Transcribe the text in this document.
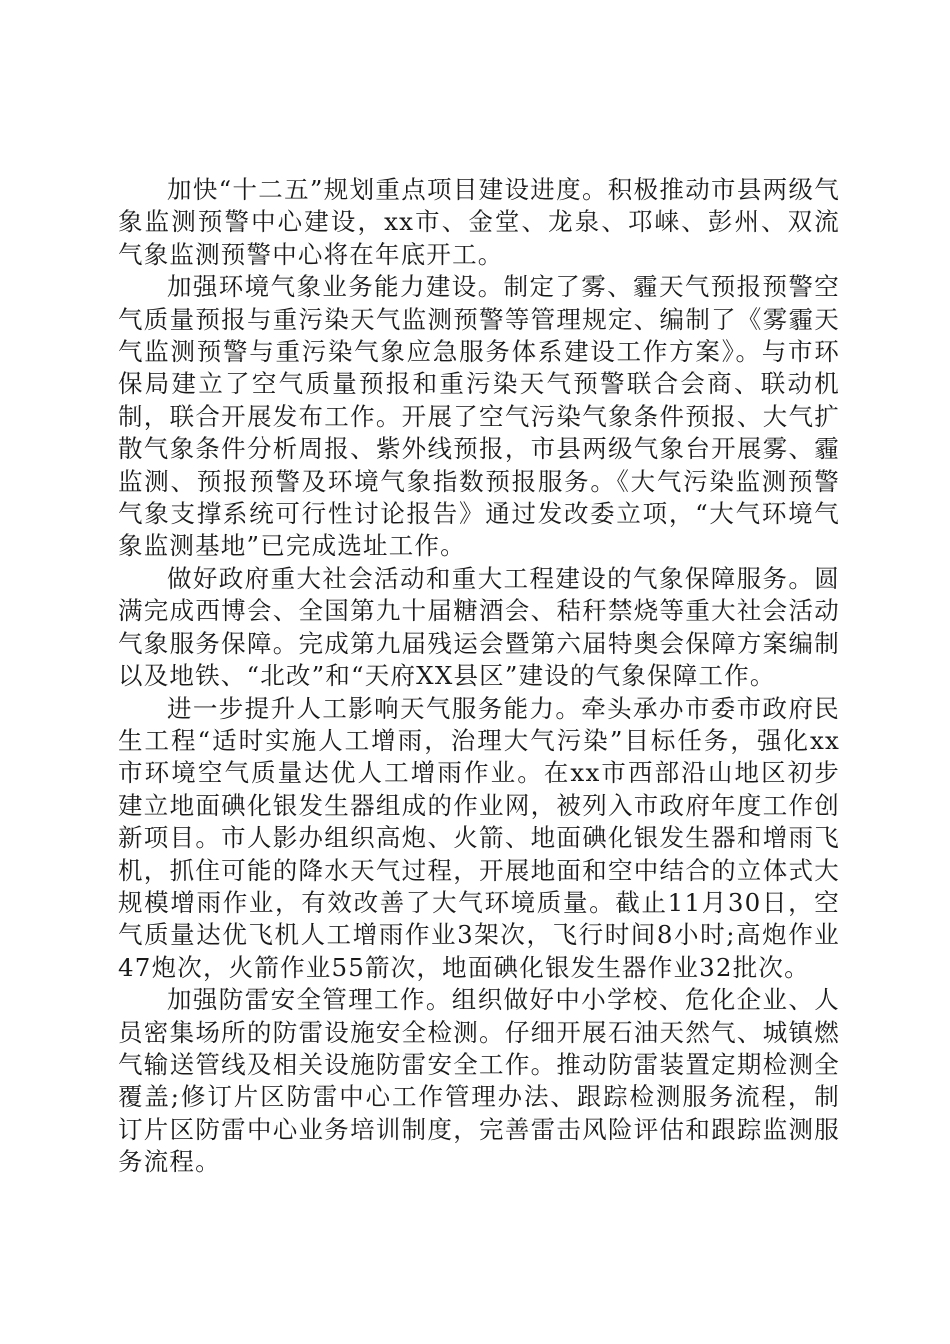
加快“十二五”规划重点项目建设进度。积极推动市县两级气象监测预警中心建设，xx市、金堂、龙泉、邛崃、彭州、双流气象监测预警中心将在年底开工。

加强环境气象业务能力建设。制定了雾、霾天气预报预警空气质量预报与重污染天气监测预警等管理规定、编制了《雾霾天气监测预警与重污染气象应急服务体系建设工作方案》。与市环保局建立了空气质量预报和重污染天气预警联合会商、联动机制，联合开展发布工作。开展了空气污染气象条件预报、大气扩散气象条件分析周报、紫外线预报，市县两级气象台开展雾、霾监测、预报预警及环境气象指数预报服务。《大气污染监测预警气象支撑系统可行性讨论报告》通过发改委立项，“大气环境气象监测基地”已完成选址工作。

做好政府重大社会活动和重大工程建设的气象保障服务。圆满完成西博会、全国第九十届糖酒会、秸秆禁烧等重大社会活动气象服务保障。完成第九届残运会暨第六届特奥会保障方案编制以及地铁、“北改”和“天府XX县区”建设的气象保障工作。

进一步提升人工影响天气服务能力。牵头承办市委市政府民生工程“适时实施人工增雨，治理大气污染”目标任务，强化xx市环境空气质量达优人工增雨作业。在xx市西部沿山地区初步建立地面碘化银发生器组成的作业网，被列入市政府年度工作创新项目。市人影办组织高炮、火箭、地面碘化银发生器和增雨飞机，抓住可能的降水天气过程，开展地面和空中结合的立体式大规模增雨作业，有效改善了大气环境质量。截止11月30日，空气质量达优飞机人工增雨作业3架次，飞行时间8小时;高炮作业47炮次，火箭作业55箭次，地面碘化银发生器作业32批次。

加强防雷安全管理工作。组织做好中小学校、危化企业、人员密集场所的防雷设施安全检测。仔细开展石油天然气、城镇燃气输送管线及相关设施防雷安全工作。推动防雷装置定期检测全覆盖;修订片区防雷中心工作管理办法、跟踪检测服务流程，制订片区防雷中心业务培训制度，完善雷击风险评估和跟踪监测服务流程。
